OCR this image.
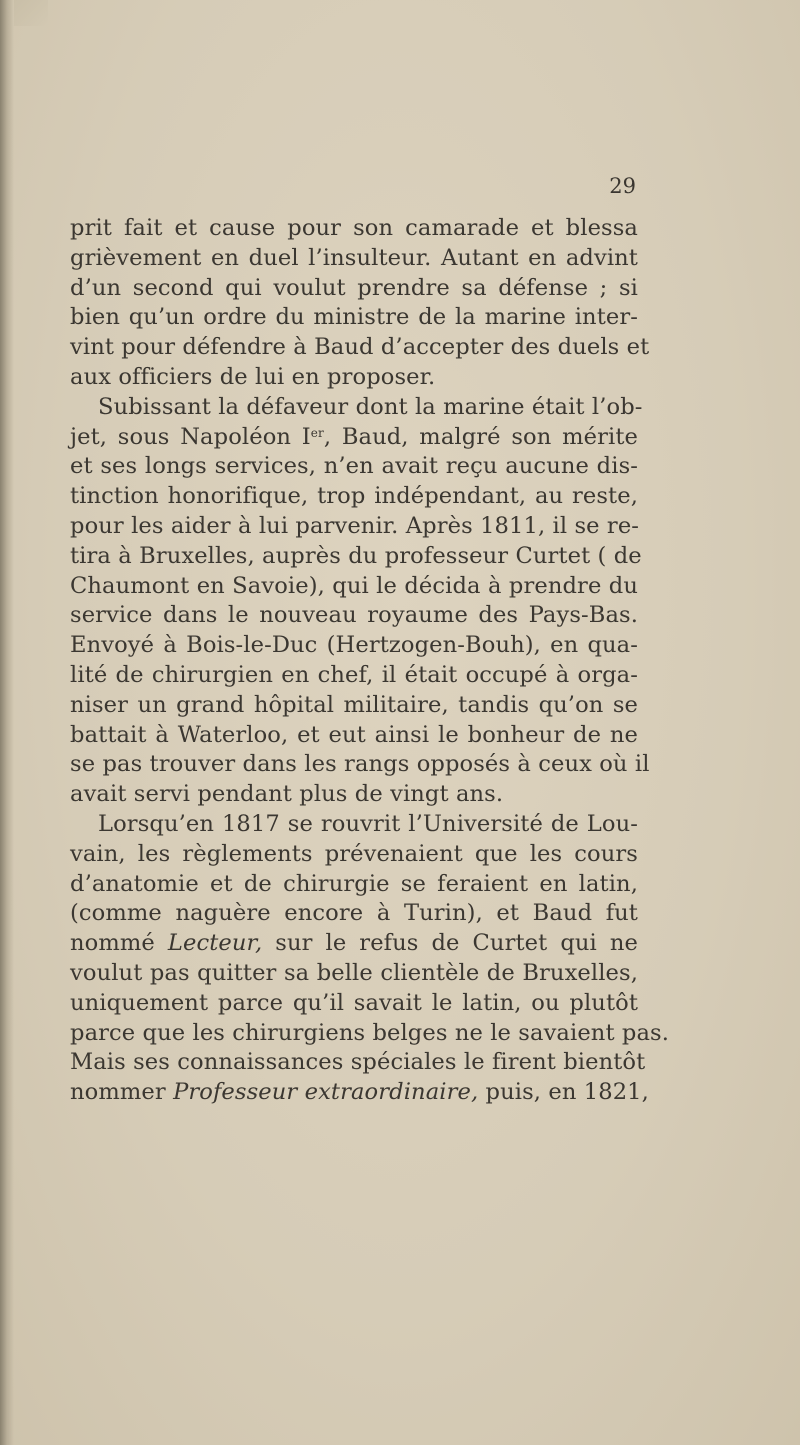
29
prit fait et cause pour son camarade et blessa
grièvement en duel l’insulteur. Autant en advint
d’un second qui voulut prendre sa défense ; si
bien qu’un ordre du ministre de la marine inter-
vint pour défendre à Baud d’accepter des duels et
aux officiers de lui en proposer.
Subissant la défaveur dont la marine était l’ob-
jet, sous Napoléon Ier, Baud, malgré son mérite
et ses longs services, n’en avait reçu aucune dis-
tinction honorifique, trop indépendant, au reste,
pour les aider à lui parvenir. Après 1811, il se re-
tira à Bruxelles, auprès du professeur Curtet ( de
Chaumont en Savoie), qui le décida à prendre du
service dans le nouveau royaume des Pays-Bas.
Envoyé à Bois-le-Duc (Hertzogen-Bouh), en qua-
lité de chirurgien en chef, il était occupé à orga-
niser un grand hôpital militaire, tandis qu’on se
battait à Waterloo, et eut ainsi le bonheur de ne
se pas trouver dans les rangs opposés à ceux où il
avait servi pendant plus de vingt ans.
Lorsqu’en 1817 se rouvrit l’Université de Lou-
vain, les règlements prévenaient que les cours
d’anatomie et de chirurgie se feraient en latin,
(comme naguère encore à Turin), et Baud fut
nommé Lecteur, sur le refus de Curtet qui ne
voulut pas quitter sa belle clientèle de Bruxelles,
uniquement parce qu’il savait le latin, ou plutôt
parce que les chirurgiens belges ne le savaient pas.
Mais ses connaissances spéciales le firent bientôt
nommer Professeur extraordinaire, puis, en 1821,
